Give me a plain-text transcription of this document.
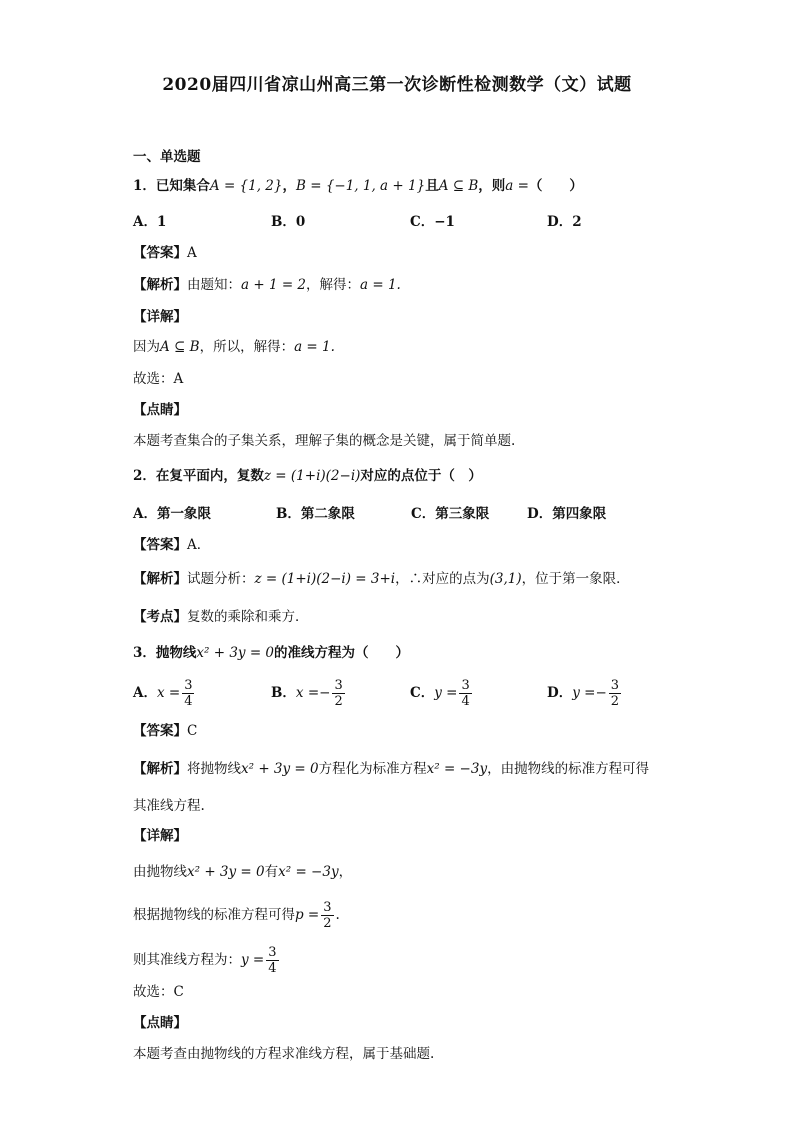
2020届四川省凉山州高三第一次诊断性检测数学（文）试题
一、单选题
1．已知集合A = {1, 2}，B = {−1, 1, a + 1}且A ⊆ B，则a =（　　）
A．1	B．0	C．−1	D．2
【答案】A
【解析】由题知：a + 1 = 2，解得：a = 1.
【详解】
因为A ⊆ B，所以，解得：a = 1.
故选：A
【点睛】
本题考查集合的子集关系，理解子集的概念是关键，属于简单题.
2．在复平面内，复数z = (1+i)(2−i)对应的点位于（　）
A．第一象限	B．第二象限	C．第三象限	D．第四象限
【答案】A．
【解析】试题分析：z = (1+i)(2−i) = 3+i，∴对应的点为(3,1)，位于第一象限．
【考点】复数的乘除和乘方．
3．抛物线x² + 3y = 0的准线方程为（　　）
A．$x = \frac{3}{4}$	B．$x =- \frac{3}{2}$	C．$y = \frac{3}{4}$	D．$y =- \frac{3}{2}$
【答案】C
【解析】将抛物线x² + 3y = 0方程化为标准方程x² = −3y，由抛物线的标准方程可得
其准线方程.
【详解】
由抛物线x² + 3y = 0有x² = −3y，
根据抛物线的标准方程可得$p = \frac{3}{2}$ .
则其准线方程为：$y = \frac{3}{4}$
故选：C
【点睛】
本题考查由抛物线的方程求准线方程，属于基础题.
